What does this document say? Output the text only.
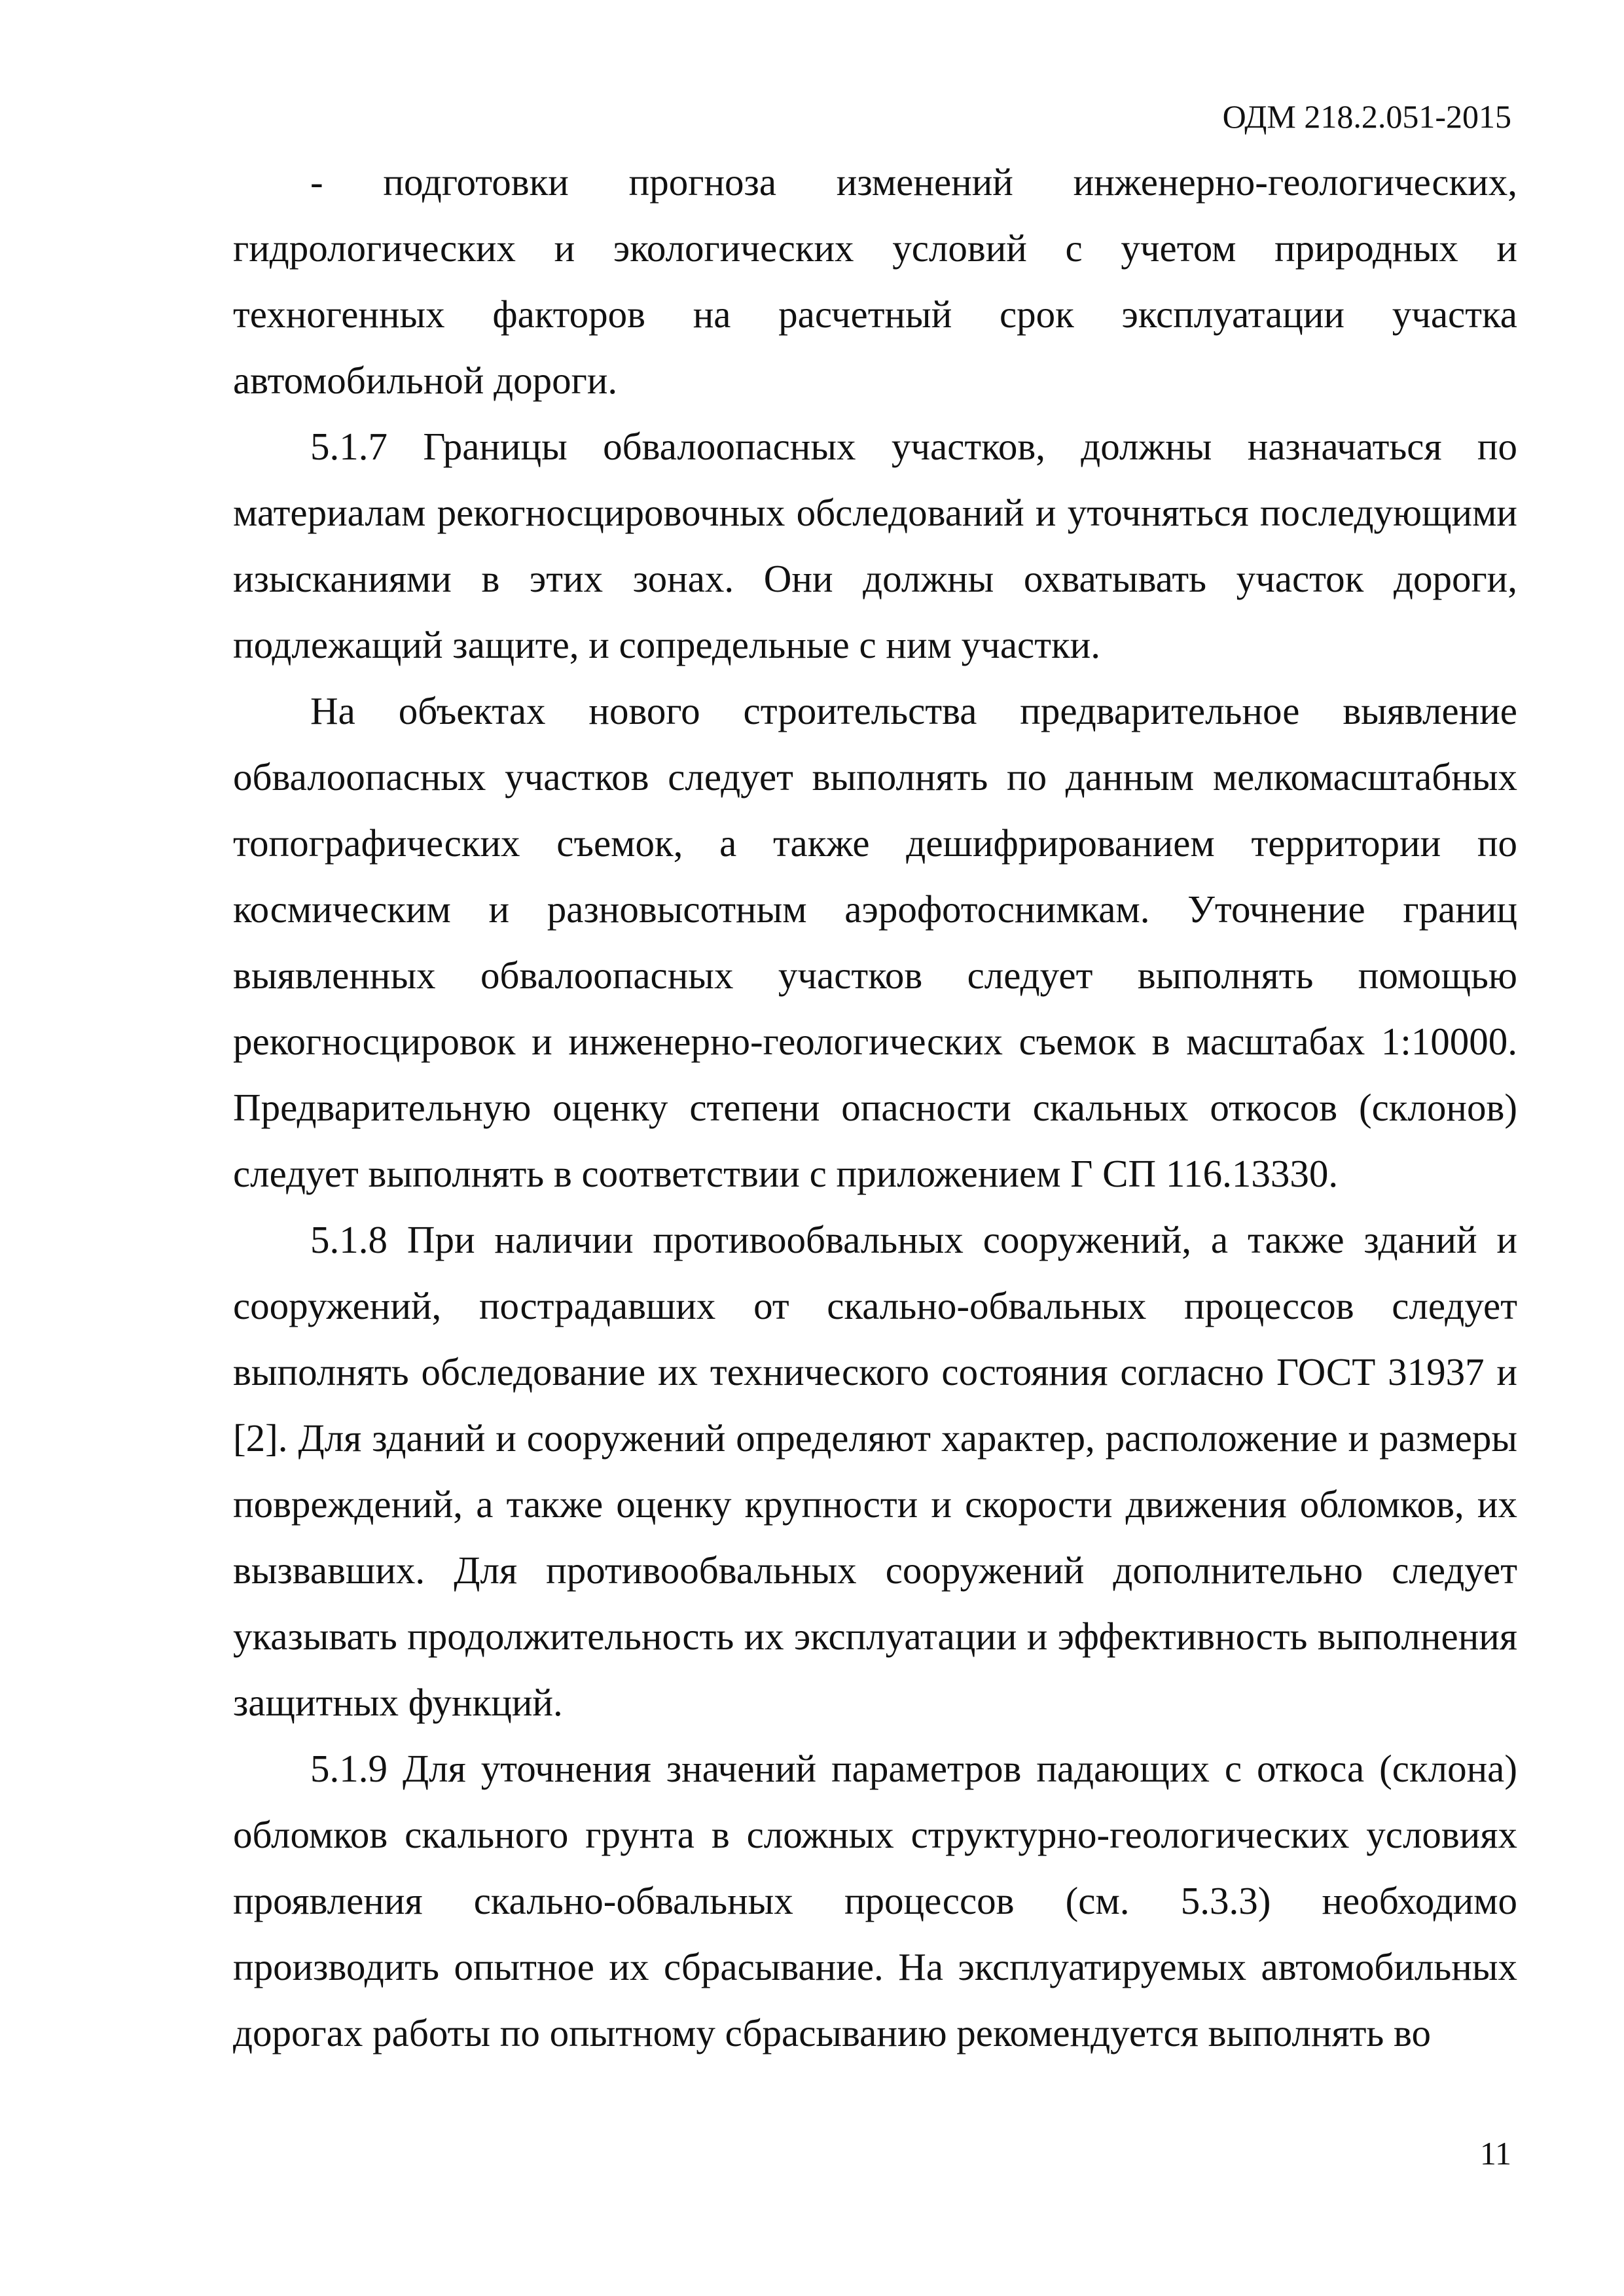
ОДМ 218.2.051-2015

- подготовки прогноза изменений инженерно-геологических, гидрологических и экологических условий с учетом природных и техногенных факторов на расчетный срок эксплуатации участка автомобильной дороги.

5.1.7 Границы обвалоопасных участков, должны назначаться по материалам рекогносцировочных обследований и уточняться последующими изысканиями в этих зонах. Они должны охватывать участок дороги, подлежащий защите, и сопредельные с ним участки.

На объектах нового строительства предварительное выявление обвалоопасных участков следует выполнять по данным мелкомасштабных топографических съемок, а также дешифрированием территории по космическим и разновысотным аэрофотоснимкам. Уточнение границ выявленных обвалоопасных участков следует выполнять помощью рекогносцировок и инженерно-геологических съемок в масштабах 1:10000. Предварительную оценку степени опасности скальных откосов (склонов) следует выполнять в соответствии с приложением Г СП 116.13330.

5.1.8 При наличии противообвальных сооружений, а также зданий и сооружений, пострадавших от скально-обвальных процессов следует выполнять обследование их технического состояния согласно ГОСТ 31937 и [2]. Для зданий и сооружений определяют характер, расположение и размеры повреждений, а также оценку крупности и скорости движения обломков, их вызвавших. Для противообвальных сооружений дополнительно следует указывать продолжительность их эксплуатации и эффективность выполнения защитных функций.

5.1.9 Для уточнения значений параметров падающих с откоса (склона) обломков скального грунта в сложных структурно-геологических условиях проявления скально-обвальных процессов (см. 5.3.3) необходимо производить опытное их сбрасывание. На эксплуатируемых автомобильных дорогах работы по опытному сбрасыванию рекомендуется выполнять во

11
